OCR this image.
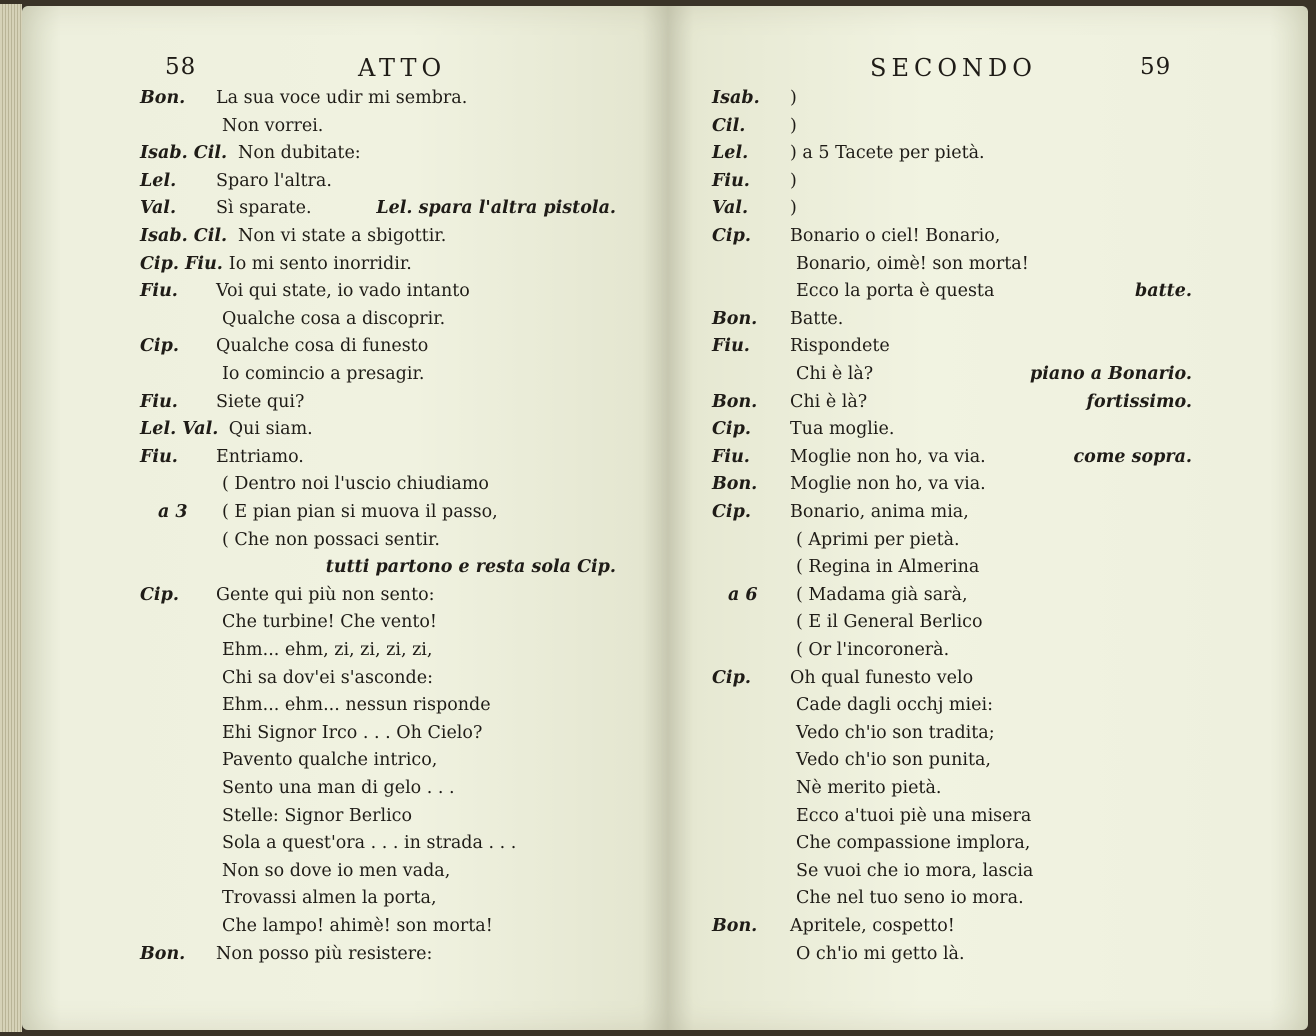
58	ATTO
Bon. La sua voce udir mi sembra.
Non vorrei.
Isab. Cil. Non dubitate:
Lel. Sparo l'altra.
Val. Sì sparate.	Lel. spara l'altra pistola.
Isab. Cil. Non vi state a sbigottir.
Cip. Fiu. Io mi sento inorridir.
Fiu. Voi qui state, io vado intanto
Qualche cosa a discoprir.
Cip. Qualche cosa di funesto
Io comincio a presagir.
Fiu. Siete qui?
Lel. Val. Qui siam.
Fiu. Entriamo.
( Dentro noi l'uscio chiudiamo
a 3 ( E pian pian si muova il passo,
( Che non possaci sentir.
tutti partono e resta sola Cip.
Cip. Gente qui più non sento:
Che turbine! Che vento!
Ehm... ehm, zi, zi, zi, zi,
Chi sa dov'ei s'asconde:
Ehm... ehm... nessun risponde
Ehi Signor Irco . . . Oh Cielo?
Pavento qualche intrico,
Sento una man di gelo . . .
Stelle: Signor Berlico
Sola a quest'ora . . . in strada . . .
Non so dove io men vada,
Trovassi almen la porta,
Che lampo! ahimè! son morta!
Bon. Non posso più resistere:
SECONDO	59
Isab. )
Cil.	)
Lel. ) a 5 Tacete per pietà.
Fiu. )
Val. )
Cip. Bonario o ciel! Bonario,
Bonario, oimè! son morta!
Ecco la porta è questa	batte.
Bon. Batte.
Fiu. Rispondete
Chi è là?	piano a Bonario.
Bon. Chi è là?	fortissimo.
Cip. Tua moglie.
Fiu. Moglie non ho, va via.	come sopra.
Bon. Moglie non ho, va via.
Cip. Bonario, anima mia,
( Aprimi per pietà.
( Regina in Almerina
a 6 ( Madama già sarà,
( E il General Berlico
( Or l'incoronerà.
Cip. Oh qual funesto velo
Cade dagli occhj miei:
Vedo ch'io son tradita;
Vedo ch'io son punita,
Nè merito pietà.
Ecco a'tuoi piè una misera
Che compassione implora,
Se vuoi che io mora, lascia
Che nel tuo seno io mora.
Bon. Apritele, cospetto!
O ch'io mi getto là.
